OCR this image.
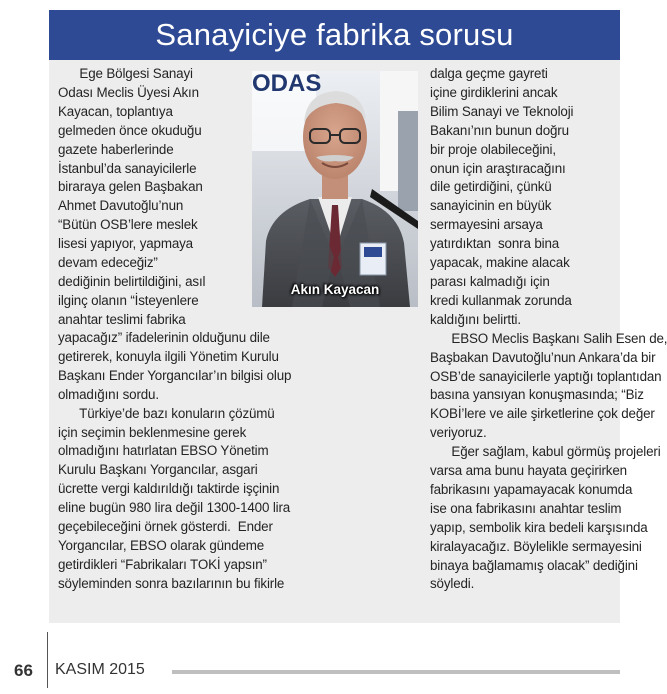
Sanayiciye fabrika sorusu
Ege Bölgesi Sanayi
Odası Meclis Üyesi Akın
Kayacan, toplantıya
gelmeden önce okuduğu
gazete haberlerinde
İstanbul’da sanayicilerle
biraraya gelen Başbakan
Ahmet Davutoğlu’nun
“Bütün OSB’lere meslek
lisesi yapıyor, yapmaya
devam edeceğiz”
dediğinin belirtildiğini, asıl
ilginç olanın “İsteyenlere
anahtar teslimi fabrika
ODAS
Akın Kayacan
yapacağız” ifadelerinin olduğunu dile
getirerek, konuyla ilgili Yönetim Kurulu
Başkanı Ender Yorgancılar’ın bilgisi olup
olmadığını sordu.
Türkiye’de bazı konuların çözümü
için seçimin beklenmesine gerek
olmadığını hatırlatan EBSO Yönetim
Kurulu Başkanı Yorgancılar, asgari
ücrette vergi kaldırıldığı taktirde işçinin
eline bugün 980 lira değil 1300-1400 lira
geçebileceğini örnek gösterdi.  Ender
Yorgancılar, EBSO olarak gündeme
getirdikleri “Fabrikaları TOKİ yapsın”
söyleminden sonra bazılarının bu fikirle
dalga geçme gayreti
içine girdiklerini ancak
Bilim Sanayi ve Teknoloji
Bakanı’nın bunun doğru
bir proje olabileceğini,
onun için araştıracağını
dile getirdiğini, çünkü
sanayicinin en büyük
sermayesini arsaya
yatırdıktan  sonra bina
yapacak, makine alacak
parası kalmadığı için
kredi kullanmak zorunda
kaldığını belirtti.
EBSO Meclis Başkanı Salih Esen de,
Başbakan Davutoğlu’nun Ankara’da bir
OSB’de sanayicilerle yaptığı toplantıdan
basına yansıyan konuşmasında; “Biz
KOBİ’lere ve aile şirketlerine çok değer
veriyoruz.
Eğer sağlam, kabul görmüş projeleri
varsa ama bunu hayata geçirirken
fabrikasını yapamayacak konumda
ise ona fabrikasını anahtar teslim
yapıp, sembolik kira bedeli karşısında
kiralayacağız. Böylelikle sermayesini
binaya bağlamamış olacak” dediğini
söyledi.
66 KASIM 2015
